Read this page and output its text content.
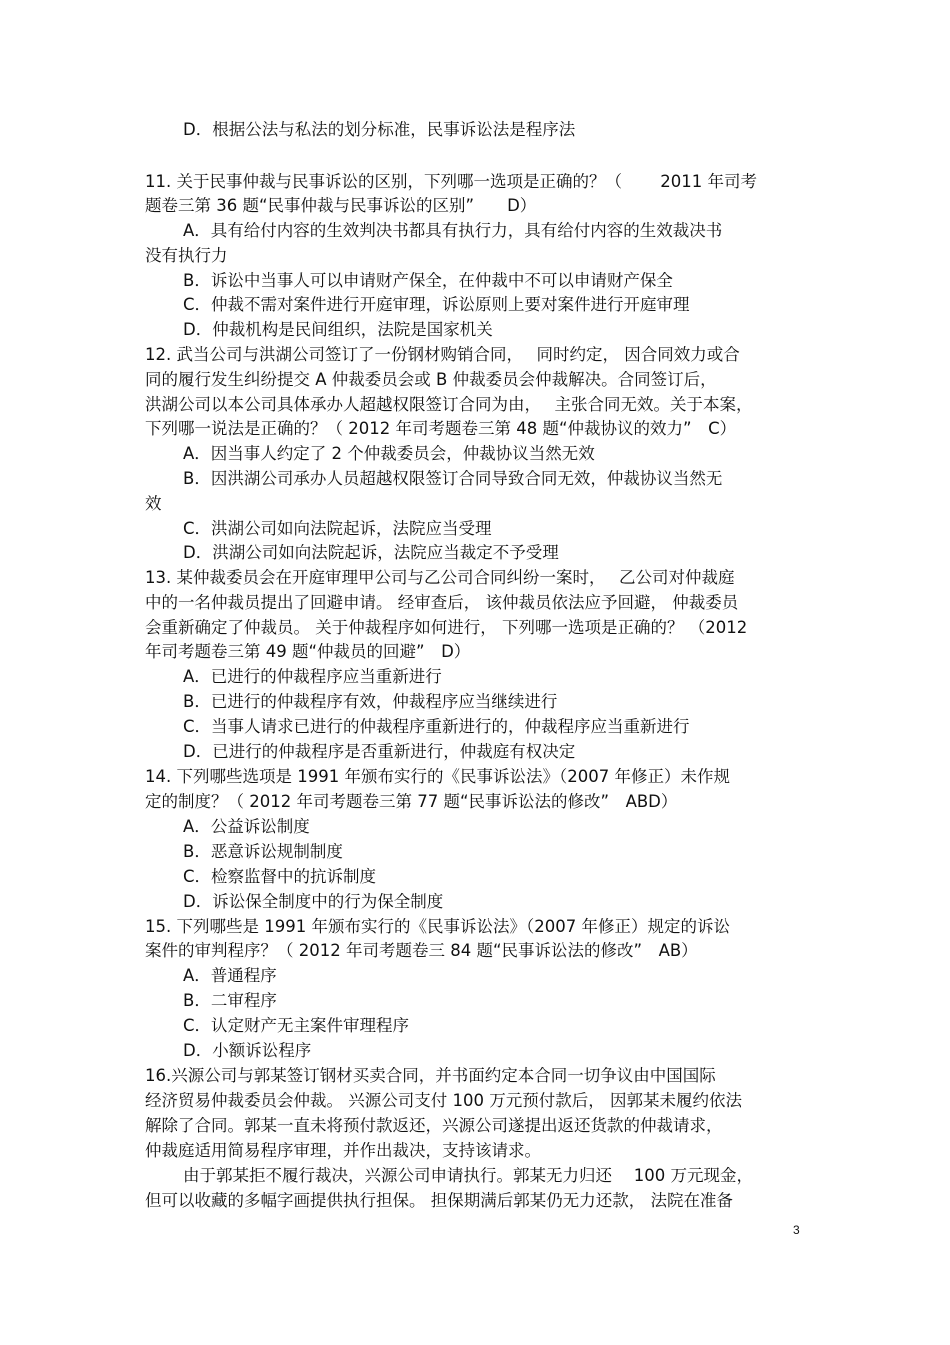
D．根据公法与私法的划分标准，民事诉讼法是程序法
11. 关于民事仲裁与民事诉讼的区别，下列哪一选项是正确的？（　　 2011 年司考
题卷三第 36 题“民事仲裁与民事诉讼的区别”　　D）
A．具有给付内容的生效判决书都具有执行力，具有给付内容的生效裁决书
没有执行力
B．诉讼中当事人可以申请财产保全，在仲裁中不可以申请财产保全
C．仲裁不需对案件进行开庭审理，诉讼原则上要对案件进行开庭审理
D．仲裁机构是民间组织，法院是国家机关
12. 武当公司与洪湖公司签订了一份钢材购销合同，　 同时约定， 因合同效力或合
同的履行发生纠纷提交 A 仲裁委员会或 B 仲裁委员会仲裁解决。合同签订后，
洪湖公司以本公司具体承办人超越权限签订合同为由，　 主张合同无效。关于本案，
下列哪一说法是正确的？（ 2012 年司考题卷三第 48 题“仲裁协议的效力”　C）
A．因当事人约定了 2 个仲裁委员会，仲裁协议当然无效
B．因洪湖公司承办人员超越权限签订合同导致合同无效，仲裁协议当然无
效
C．洪湖公司如向法院起诉，法院应当受理
D．洪湖公司如向法院起诉，法院应当裁定不予受理
13. 某仲裁委员会在开庭审理甲公司与乙公司合同纠纷一案时，　 乙公司对仲裁庭
中的一名仲裁员提出了回避申请。 经审查后， 该仲裁员依法应予回避， 仲裁委员
会重新确定了仲裁员。 关于仲裁程序如何进行， 下列哪一选项是正确的？ （2012
年司考题卷三第 49 题“仲裁员的回避”　D）
A．已进行的仲裁程序应当重新进行
B．已进行的仲裁程序有效，仲裁程序应当继续进行
C．当事人请求已进行的仲裁程序重新进行的，仲裁程序应当重新进行
D．已进行的仲裁程序是否重新进行，仲裁庭有权决定
14. 下列哪些选项是 1991 年颁布实行的《民事诉讼法》（2007 年修正）未作规
定的制度？（ 2012 年司考题卷三第 77 题“民事诉讼法的修改”　ABD）
A．公益诉讼制度
B．恶意诉讼规制制度
C．检察监督中的抗诉制度
D．诉讼保全制度中的行为保全制度
15. 下列哪些是 1991 年颁布实行的《民事诉讼法》（2007 年修正）规定的诉讼
案件的审判程序？（ 2012 年司考题卷三 84 题“民事诉讼法的修改”　AB）
A．普通程序
B．二审程序
C．认定财产无主案件审理程序
D．小额诉讼程序
16.兴源公司与郭某签订钢材买卖合同，并书面约定本合同一切争议由中国国际
经济贸易仲裁委员会仲裁。 兴源公司支付 100 万元预付款后， 因郭某未履约依法
解除了合同。郭某一直未将预付款返还，兴源公司遂提出返还货款的仲裁请求，
仲裁庭适用简易程序审理，并作出裁决，支持该请求。
由于郭某拒不履行裁决，兴源公司申请执行。郭某无力归还　 100 万元现金，
但可以收藏的多幅字画提供执行担保。 担保期满后郭某仍无力还款， 法院在准备
3
